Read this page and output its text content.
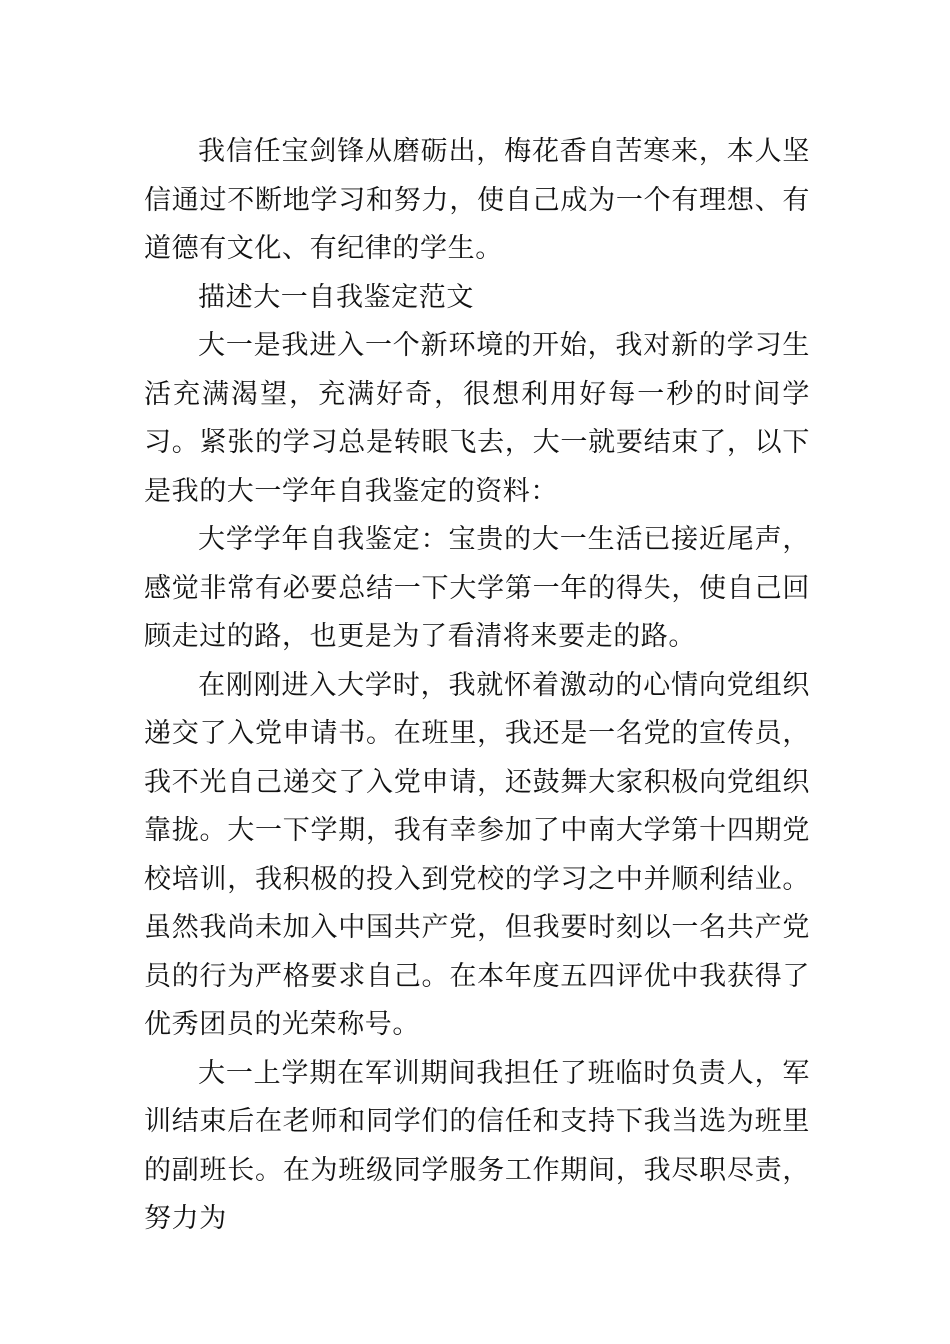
我信任宝剑锋从磨砺出，梅花香自苦寒来，本人坚信通过不断地学习和努力，使自己成为一个有理想、有道德有文化、有纪律的学生。

描述大一自我鉴定范文

大一是我进入一个新环境的开始，我对新的学习生活充满渴望，充满好奇，很想利用好每一秒的时间学习。紧张的学习总是转眼飞去，大一就要结束了，以下是我的大一学年自我鉴定的资料：

大学学年自我鉴定：宝贵的大一生活已接近尾声，感觉非常有必要总结一下大学第一年的得失，使自己回顾走过的路，也更是为了看清将来要走的路。

在刚刚进入大学时，我就怀着激动的心情向党组织递交了入党申请书。在班里，我还是一名党的宣传员，我不光自己递交了入党申请，还鼓舞大家积极向党组织靠拢。大一下学期，我有幸参加了中南大学第十四期党校培训，我积极的投入到党校的学习之中并顺利结业。虽然我尚未加入中国共产党，但我要时刻以一名共产党员的行为严格要求自己。在本年度五四评优中我获得了优秀团员的光荣称号。

大一上学期在军训期间我担任了班临时负责人，军训结束后在老师和同学们的信任和支持下我当选为班里的副班长。在为班级同学服务工作期间，我尽职尽责，努力为
